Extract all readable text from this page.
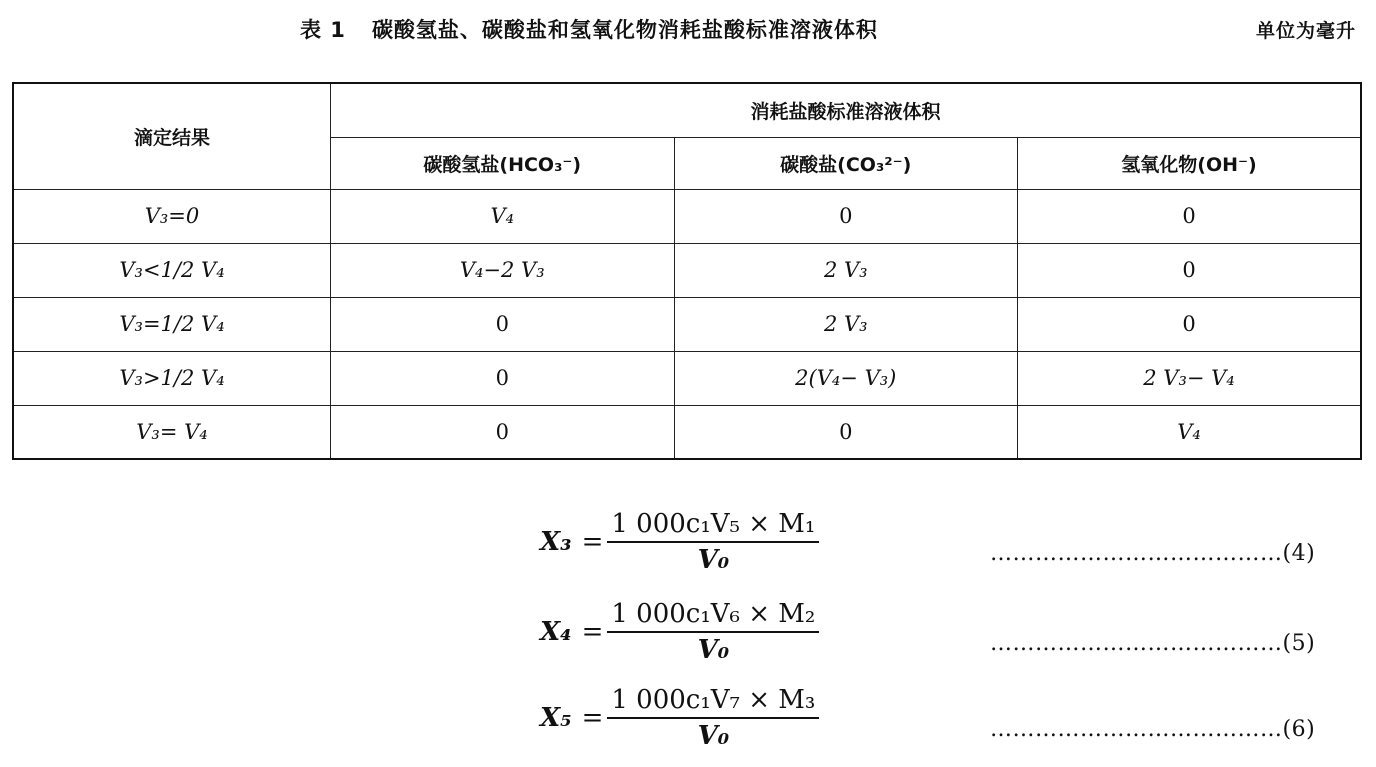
表 1 碳酸氢盐、碳酸盐和氢氧化物消耗盐酸标准溶液体积	单位为毫升
滴定结果	消耗盐酸标准溶液体积		
	碳酸氢盐(HCO₃⁻)	碳酸盐(CO₃²⁻)	氢氧化物(OH⁻)
V₃=0	V₄	0	0
V₃<1/2 V₄	V₄−2 V₃	2 V₃	0
V₃=1/2 V₄	0	2 V₃	0
V₃>1/2 V₄	0	2(V₄− V₃)	2 V₃− V₄
V₃= V₄	0	0	V₄
$X_3 = \frac{\text{1 000c₁V₅ × M₁}}{\text{V₀}}$	…………………………………(4)
$X_4 = \frac{\text{1 000c₁V₆ × M₂}}{\text{V₀}}$	…………………………………(5)
$X_5 = \frac{\text{1 000c₁V₇ × M₃}}{\text{V₀}}$	…………………………………(6)
